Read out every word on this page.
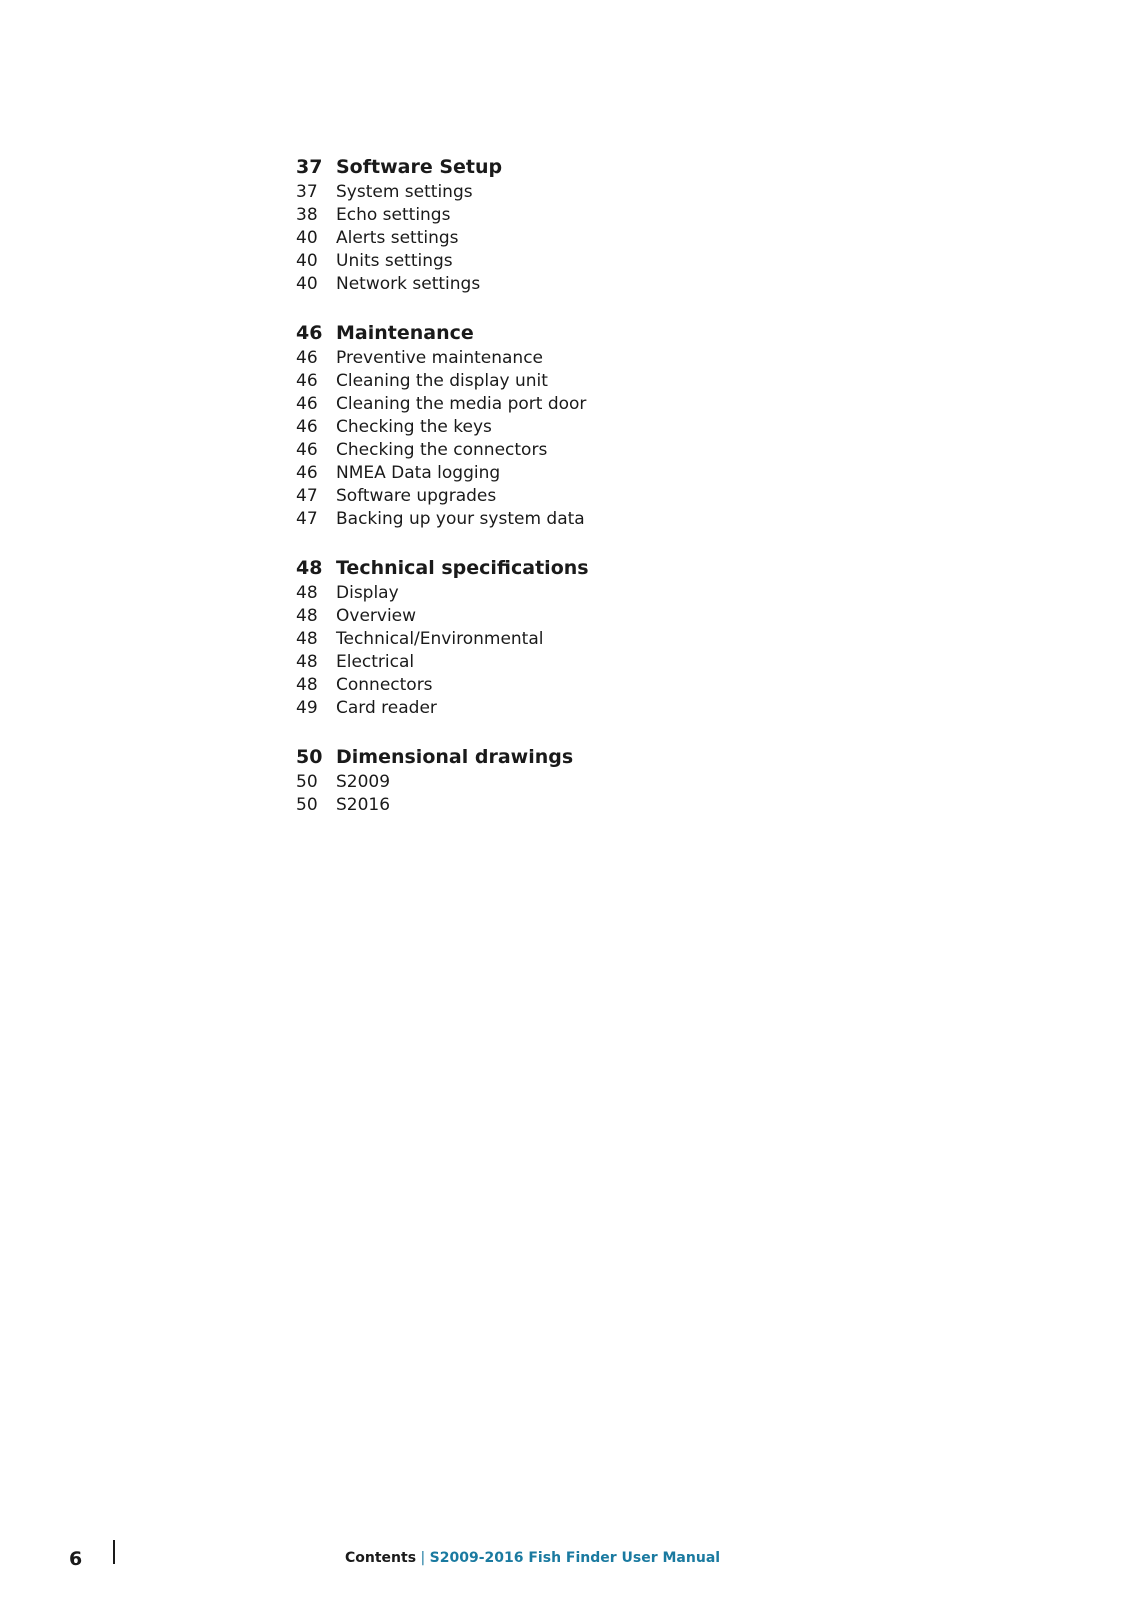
37 Software Setup
37	System settings
38	Echo settings
40	Alerts settings
40	Units settings
40	Network settings
46 Maintenance
46	Preventive maintenance
46	Cleaning the display unit
46	Cleaning the media port door
46	Checking the keys
46	Checking the connectors
46	NMEA Data logging
47	Software upgrades
47	Backing up your system data
48 Technical specifications
48	Display
48	Overview
48	Technical/Environmental
48	Electrical
48	Connectors
49	Card reader
50 Dimensional drawings
50	S2009
50	S2016
6	Contents | S2009-2016 Fish Finder User Manual
